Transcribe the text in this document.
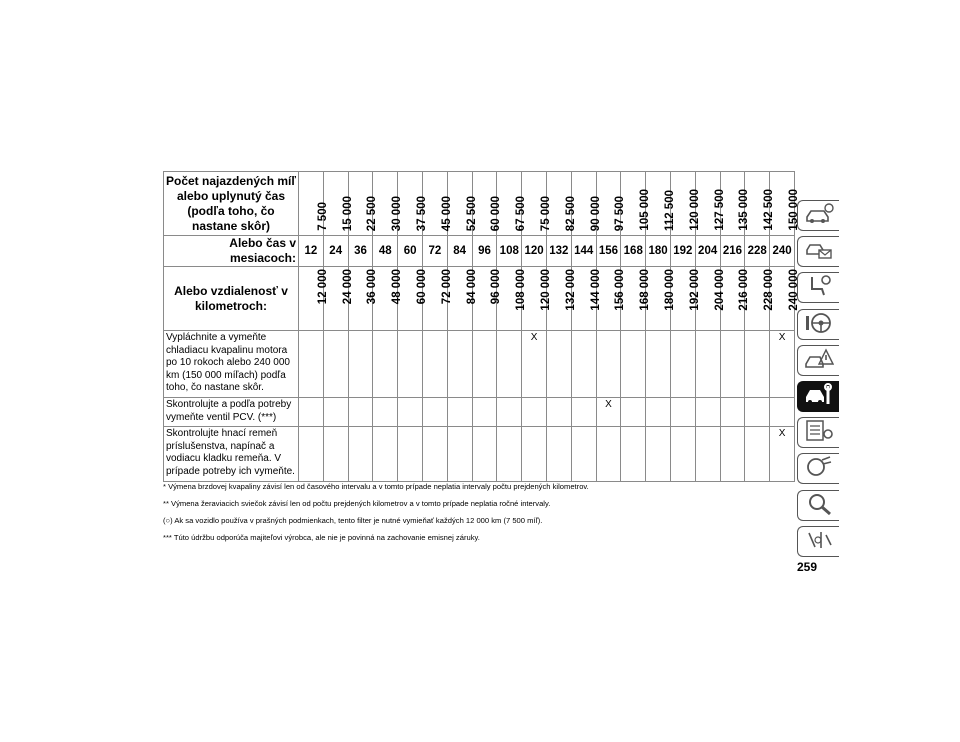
Počet najazdených míľ alebo uplynutý čas (podľa toho, čo nastane skôr)	7 500	15 000	22 500	30 000	37 500	45 000	52 500	60 000	67 500	75 000	82 500	90 000	97 500	105 000	112 500	120 000	127 500	135 000	142 500	150 000

Alebo čas v mesiacoch:	12	24	36	48	60	72	84	96	108	120	132	144	156	168	180	192	204	216	228	240
Alebo vzdialenosť v kilometroch:	12 000	24 000	36 000	48 000	60 000	72 000	84 000	96 000	108 000	120 000	132 000	144 000	156 000	168 000	180 000	192 000	204 000	216 000	228 000	240 000

Vypláchnite a vymeňte chladiacu kvapalinu motora po 10 rokoch alebo 240 000 km (150 000 míľach) podľa toho, čo nastane skôr.										X										X
Skontrolujte a podľa potreby vymeňte ventil PCV. (***)													X							
Skontrolujte hnací remeň príslušenstva, napínač a vodiacu kladku remeňa. V prípade potreby ich vymeňte.																				X

* Výmena brzdovej kvapaliny závisí len od časového intervalu a v tomto prípade neplatia intervaly počtu prejdených kilometrov.

** Výmena žeraviacich sviečok závisí len od počtu prejdených kilometrov a v tomto prípade neplatia ročné intervaly.

(○) Ak sa vozidlo používa v prašných podmienkach, tento filter je nutné vymieňať každých 12 000 km (7 500 míľ).

*** Túto údržbu odporúča majiteľovi výrobca, ale nie je povinná na zachovanie emisnej záruky.

259
